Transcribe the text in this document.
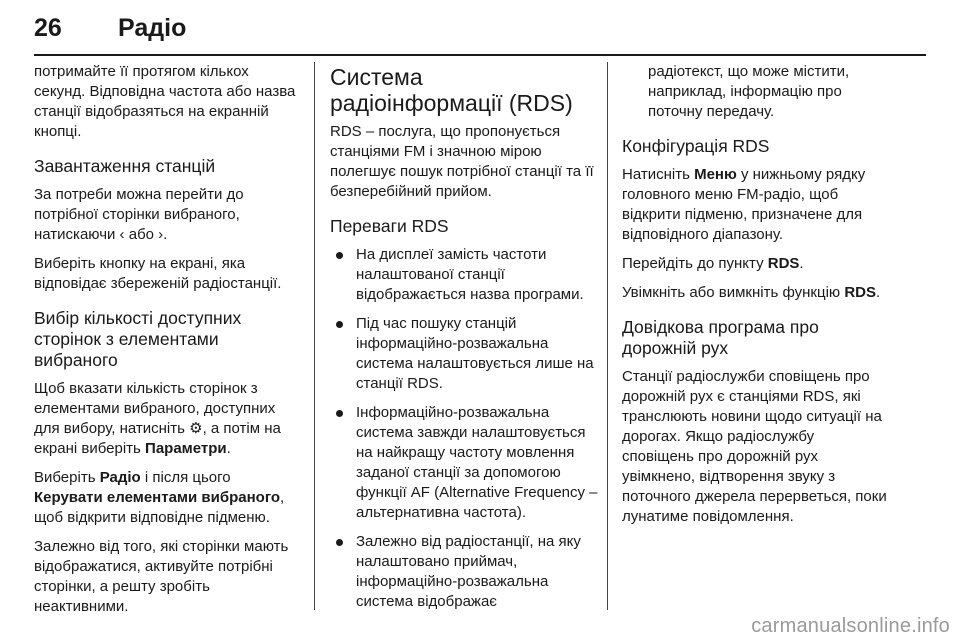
26 Радіо

потримайте її протягом кількох секунд. Відповідна частота або назва станції відобразяться на екранній кнопці.

Завантаження станцій

За потреби можна перейти до потрібної сторінки вибраного, натискаючи ‹ або ›.

Виберіть кнопку на екрані, яка відповідає збереженій радіостанції.

Вибір кількості доступних сторінок з елементами вибраного

Щоб вказати кількість сторінок з елементами вибраного, доступних для вибору, натисніть ⚙, а потім на екрані виберіть Параметри.

Виберіть Радіо і після цього Керувати елементами вибраного, щоб відкрити відповідне підменю.

Залежно від того, які сторінки мають відображатися, активуйте потрібні сторінки, а решту зробіть неактивними.

Система радіоінформації (RDS)

RDS – послуга, що пропонується станціями FM і значною мірою полегшує пошук потрібної станції та її безперебійний прийом.

Переваги RDS
На дисплеї замість частоти налаштованої станції відображається назва програми.
Під час пошуку станцій інформаційно-розважальна система налаштовується лише на станції RDS.
Інформаційно-розважальна система завжди налаштовується на найкращу частоту мовлення заданої станції за допомогою функції AF (Alternative Frequency – альтернативна частота).
Залежно від радіостанції, на яку налаштовано приймач, інформаційно-розважальна система відображає

радіотекст, що може містити, наприклад, інформацію про поточну передачу.

Конфігурація RDS

Натисніть Меню у нижньому рядку головного меню FM-радіо, щоб відкрити підменю, призначене для відповідного діапазону.

Перейдіть до пункту RDS.

Увімкніть або вимкніть функцію RDS.

Довідкова програма про дорожній рух

Станції радіослужби сповіщень про дорожній рух є станціями RDS, які транслюють новини щодо ситуації на дорогах. Якщо радіослужбу сповіщень про дорожній рух увімкнено, відтворення звуку з поточного джерела перерветься, поки лунатиме повідомлення.

carmanualsonline.info
